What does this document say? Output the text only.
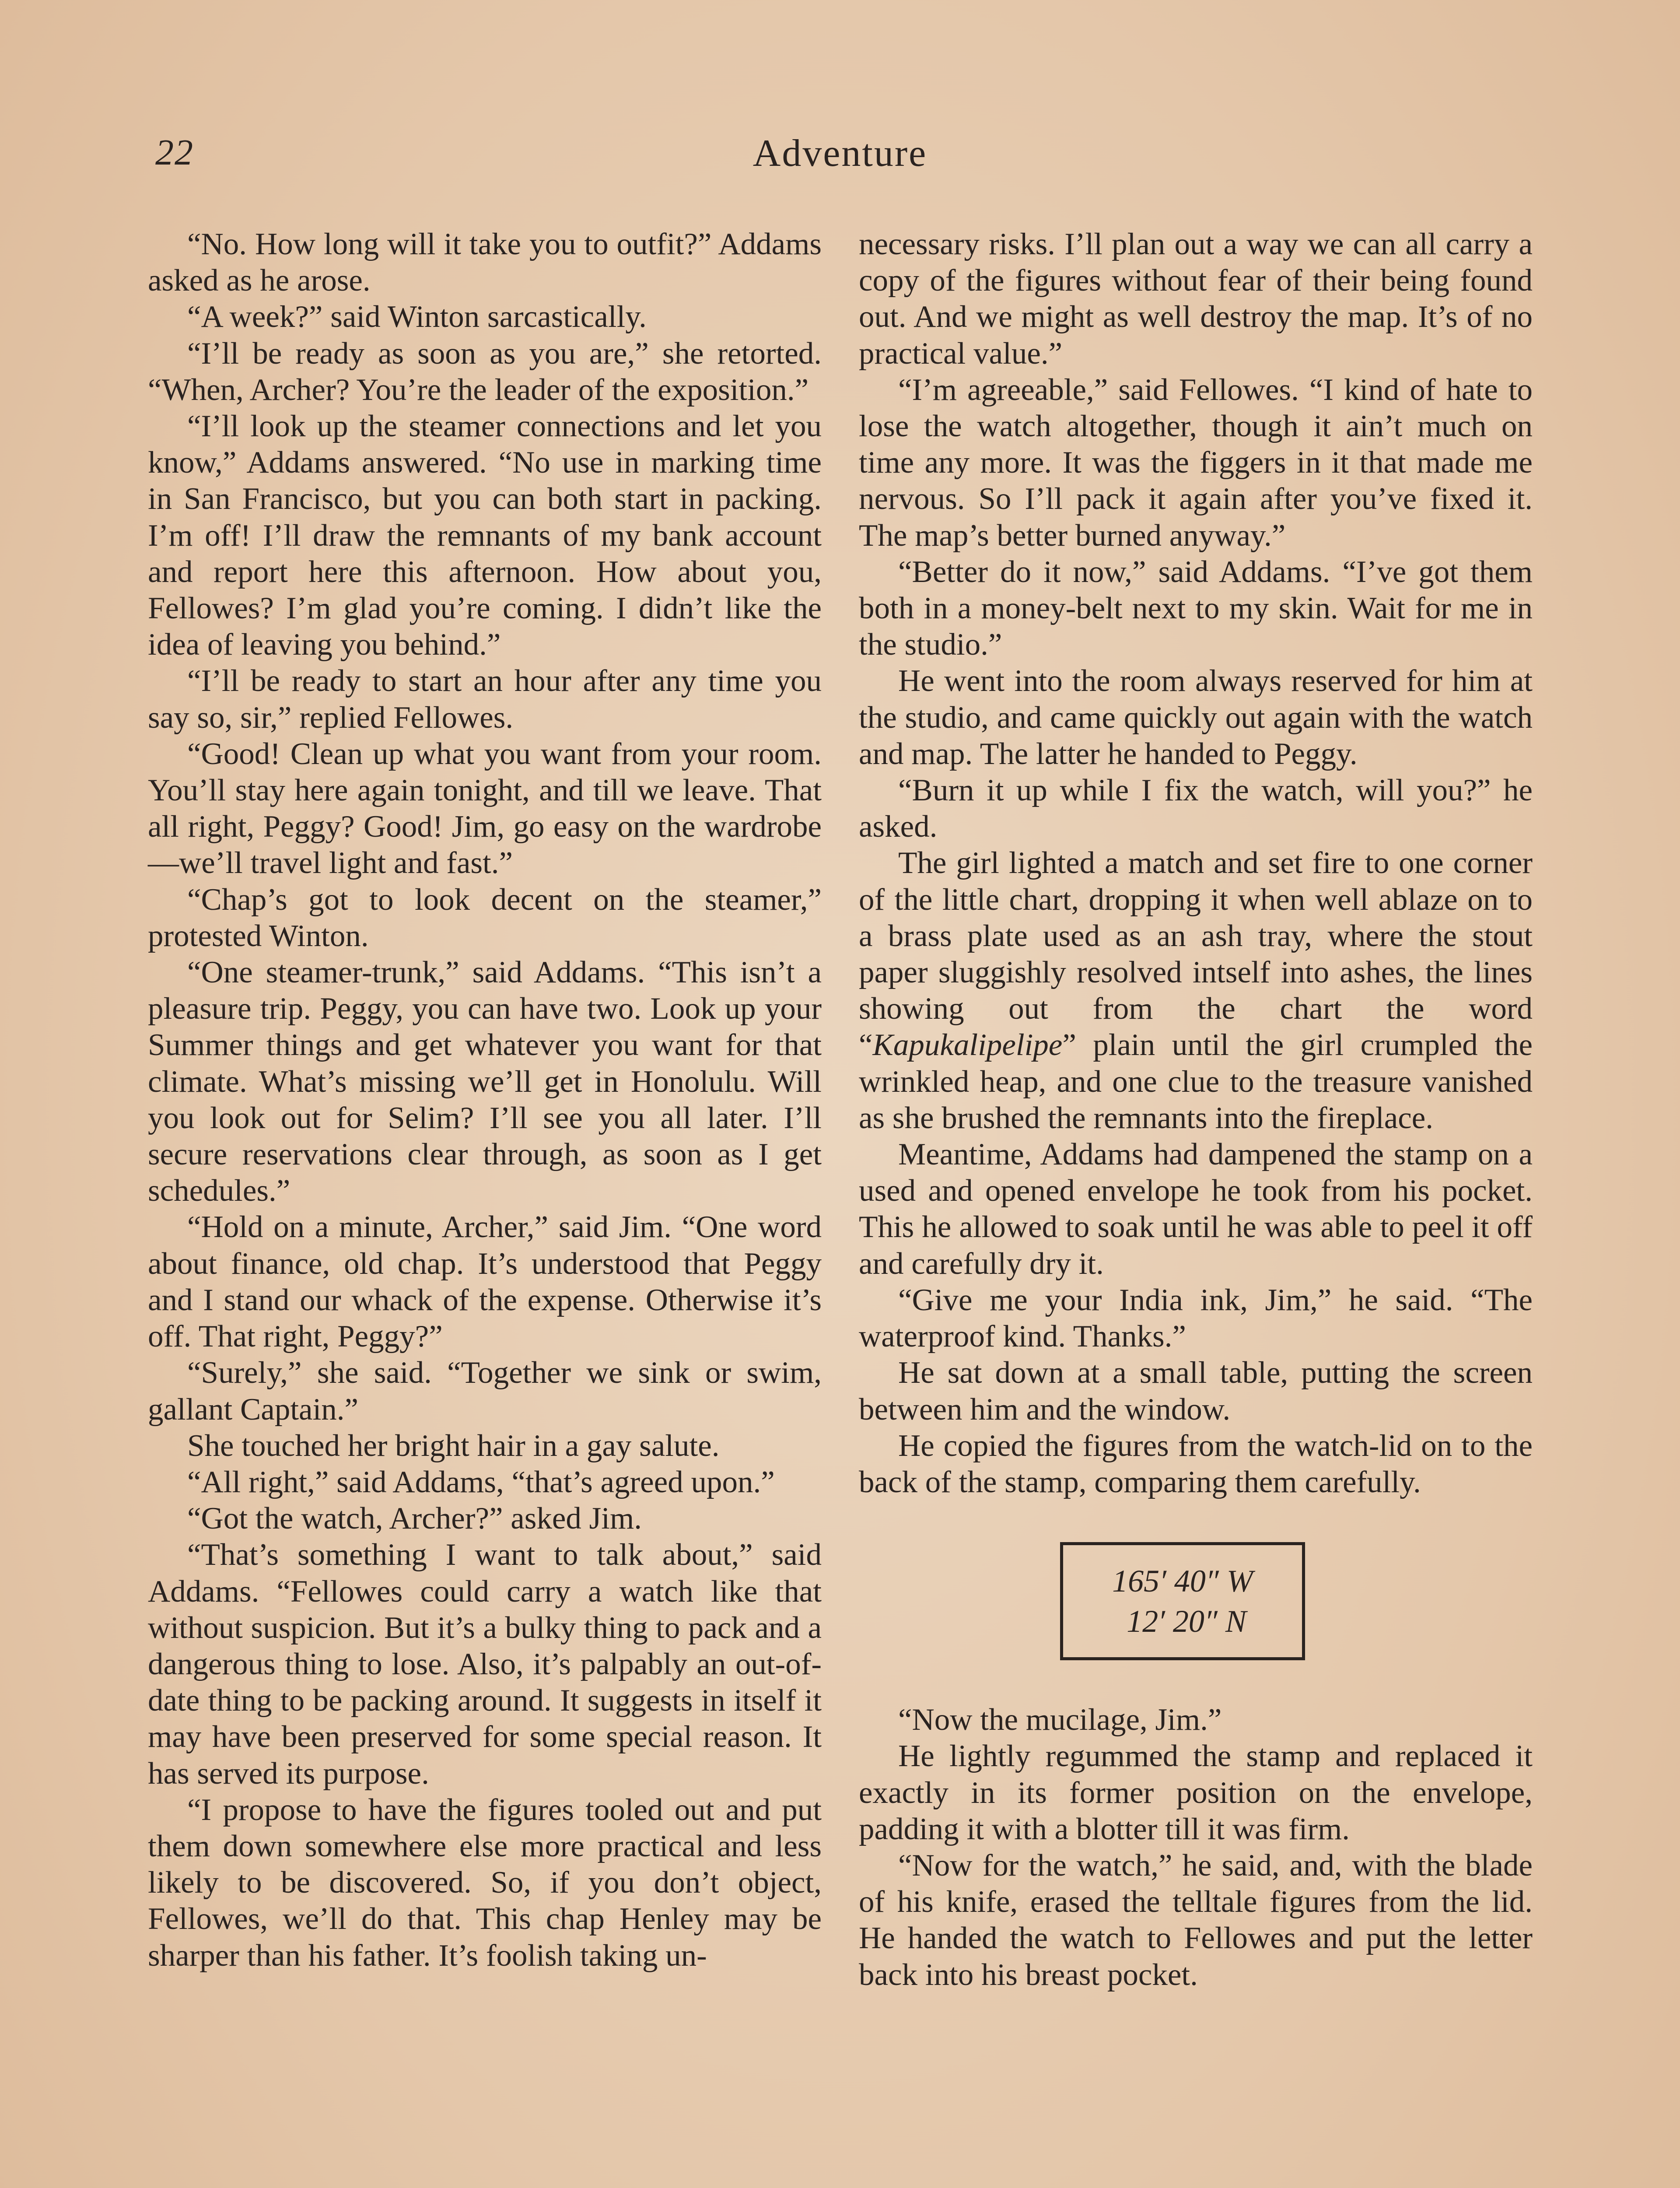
22	Adventure

“No. How long will it take you to outfit?” Addams asked as he arose.

“A week?” said Winton sarcastically.

“I’ll be ready as soon as you are,” she retorted. “When, Archer? You’re the leader of the exposition.”

“I’ll look up the steamer connections and let you know,” Addams answered. “No use in marking time in San Francisco, but you can both start in packing. I’m off! I’ll draw the remnants of my bank account and report here this afternoon. How about you, Fellowes? I’m glad you’re coming. I didn’t like the idea of leaving you behind.”

“I’ll be ready to start an hour after any time you say so, sir,” replied Fellowes.

“Good! Clean up what you want from your room. You’ll stay here again tonight, and till we leave. That all right, Peggy? Good! Jim, go easy on the wardrobe—we’ll travel light and fast.”

“Chap’s got to look decent on the steamer,” protested Winton.

“One steamer-trunk,” said Addams. “This isn’t a pleasure trip. Peggy, you can have two. Look up your Summer things and get whatever you want for that climate. What’s missing we’ll get in Honolulu. Will you look out for Selim? I’ll see you all later. I’ll secure reservations clear through, as soon as I get schedules.”

“Hold on a minute, Archer,” said Jim. “One word about finance, old chap. It’s understood that Peggy and I stand our whack of the expense. Otherwise it’s off. That right, Peggy?”

“Surely,” she said. “Together we sink or swim, gallant Captain.”

She touched her bright hair in a gay salute.

“All right,” said Addams, “that’s agreed upon.”

“Got the watch, Archer?” asked Jim.

“That’s something I want to talk about,” said Addams. “Fellowes could carry a watch like that without suspicion. But it’s a bulky thing to pack and a dangerous thing to lose. Also, it’s palpably an out-of-date thing to be packing around. It suggests in itself it may have been preserved for some special reason. It has served its purpose.

“I propose to have the figures tooled out and put them down somewhere else more practical and less likely to be discovered. So, if you don’t object, Fellowes, we’ll do that. This chap Henley may be sharper than his father. It’s foolish taking un-

necessary risks. I’ll plan out a way we can all carry a copy of the figures without fear of their being found out. And we might as well destroy the map. It’s of no practical value.”

“I’m agreeable,” said Fellowes. “I kind of hate to lose the watch altogether, though it ain’t much on time any more. It was the figgers in it that made me nervous. So I’ll pack it again after you’ve fixed it. The map’s better burned anyway.”

“Better do it now,” said Addams. “I’ve got them both in a money-belt next to my skin. Wait for me in the studio.”

He went into the room always reserved for him at the studio, and came quickly out again with the watch and map. The latter he handed to Peggy.

“Burn it up while I fix the watch, will you?” he asked.

The girl lighted a match and set fire to one corner of the little chart, dropping it when well ablaze on to a brass plate used as an ash tray, where the stout paper sluggishly resolved intself into ashes, the lines showing out from the chart the word “Kapukalipelipe” plain until the girl crumpled the wrinkled heap, and one clue to the treasure vanished as she brushed the remnants into the fireplace.

Meantime, Addams had dampened the stamp on a used and opened envelope he took from his pocket. This he allowed to soak until he was able to peel it off and carefully dry it.

“Give me your India ink, Jim,” he said. “The waterproof kind. Thanks.”

He sat down at a small table, putting the screen between him and the window.

He copied the figures from the watch-lid on to the back of the stamp, comparing them carefully.

165′ 40″ W
12′ 20″ N

“Now the mucilage, Jim.”

He lightly regummed the stamp and replaced it exactly in its former position on the envelope, padding it with a blotter till it was firm.

“Now for the watch,” he said, and, with the blade of his knife, erased the telltale figures from the lid. He handed the watch to Fellowes and put the letter back into his breast pocket.
